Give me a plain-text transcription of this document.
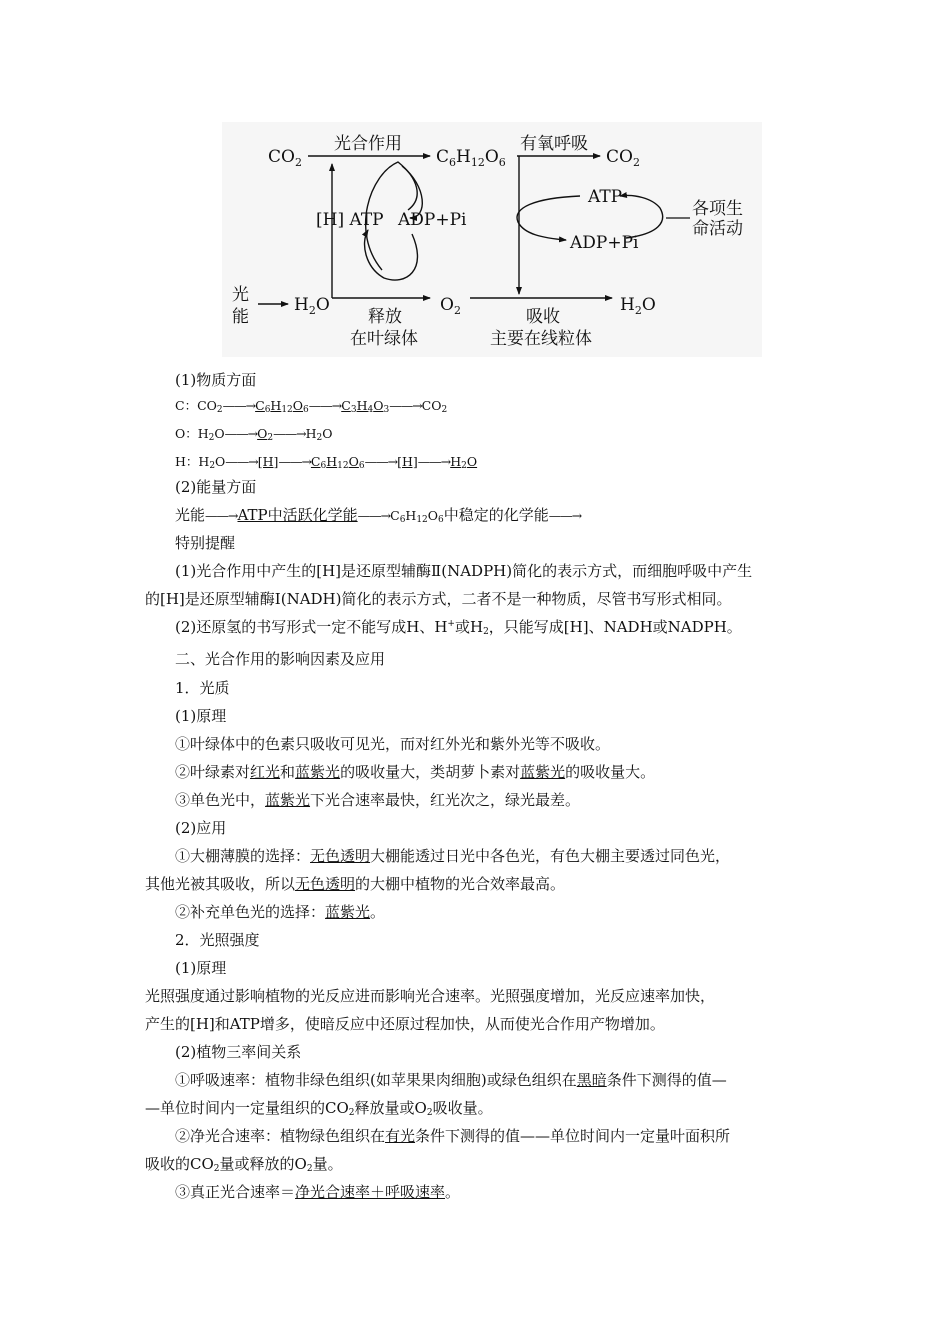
$CO_2$
光合作用
$C_6H_{12}O_6$
有氧呼吸
$CO_2$
[H] ATP ADP+Pi
ATP
ADP+Pi
各项生
命活动
光
能
$H_2O$	$O_2$	$H_2O$
释放
在叶绿体
吸收
主要在线粒体
(1)物质方面
C：$CO_2——\to C_6H_{12}O_6——\to C_3H_4O_3——\to CO_2$
O：$H_2O——\to O_2——\to H_2O$
H：$H_2O——\to[H]——\to C_6H_{12}O_6——\to[H]——\to H_2O$
(2)能量方面
光能——→ATP中活跃化学能$——\to C_6H_{12}O_6$中稳定的化学能——→
特别提醒
(1)光合作用中产生的[H]是还原型辅酶Ⅱ(NADPH)简化的表示方式，而细胞呼吸中产生
的[H]是还原型辅酶Ⅰ(NADH)简化的表示方式，二者不是一种物质，尽管书写形式相同。
(2)还原氢的书写形式一定不能写成H、H+或$H_2$，只能写成[H]、NADH或NADPH。
二、光合作用的影响因素及应用
1．光质
(1)原理
①叶绿体中的色素只吸收可见光，而对红外光和紫外光等不吸收。
②叶绿素对红光和蓝紫光的吸收量大，类胡萝卜素对蓝紫光的吸收量大。
③单色光中，蓝紫光下光合速率最快，红光次之，绿光最差。
(2)应用
①大棚薄膜的选择：无色透明大棚能透过日光中各色光，有色大棚主要透过同色光，
其他光被其吸收，所以无色透明的大棚中植物的光合效率最高。
②补充单色光的选择：蓝紫光。
2．光照强度
(1)原理
光照强度通过影响植物的光反应进而影响光合速率。光照强度增加，光反应速率加快，
产生的[H]和ATP增多，使暗反应中还原过程加快，从而使光合作用产物增加。
(2)植物三率间关系
①呼吸速率：植物非绿色组织(如苹果果肉细胞)或绿色组织在黑暗条件下测得的值—
—单位时间内一定量组织的$CO_2$释放量或$O_2$吸收量。
②净光合速率：植物绿色组织在有光条件下测得的值——单位时间内一定量叶面积所
吸收的$CO_2$量或释放的$O_2$量。
③真正光合速率＝净光合速率＋呼吸速率。
